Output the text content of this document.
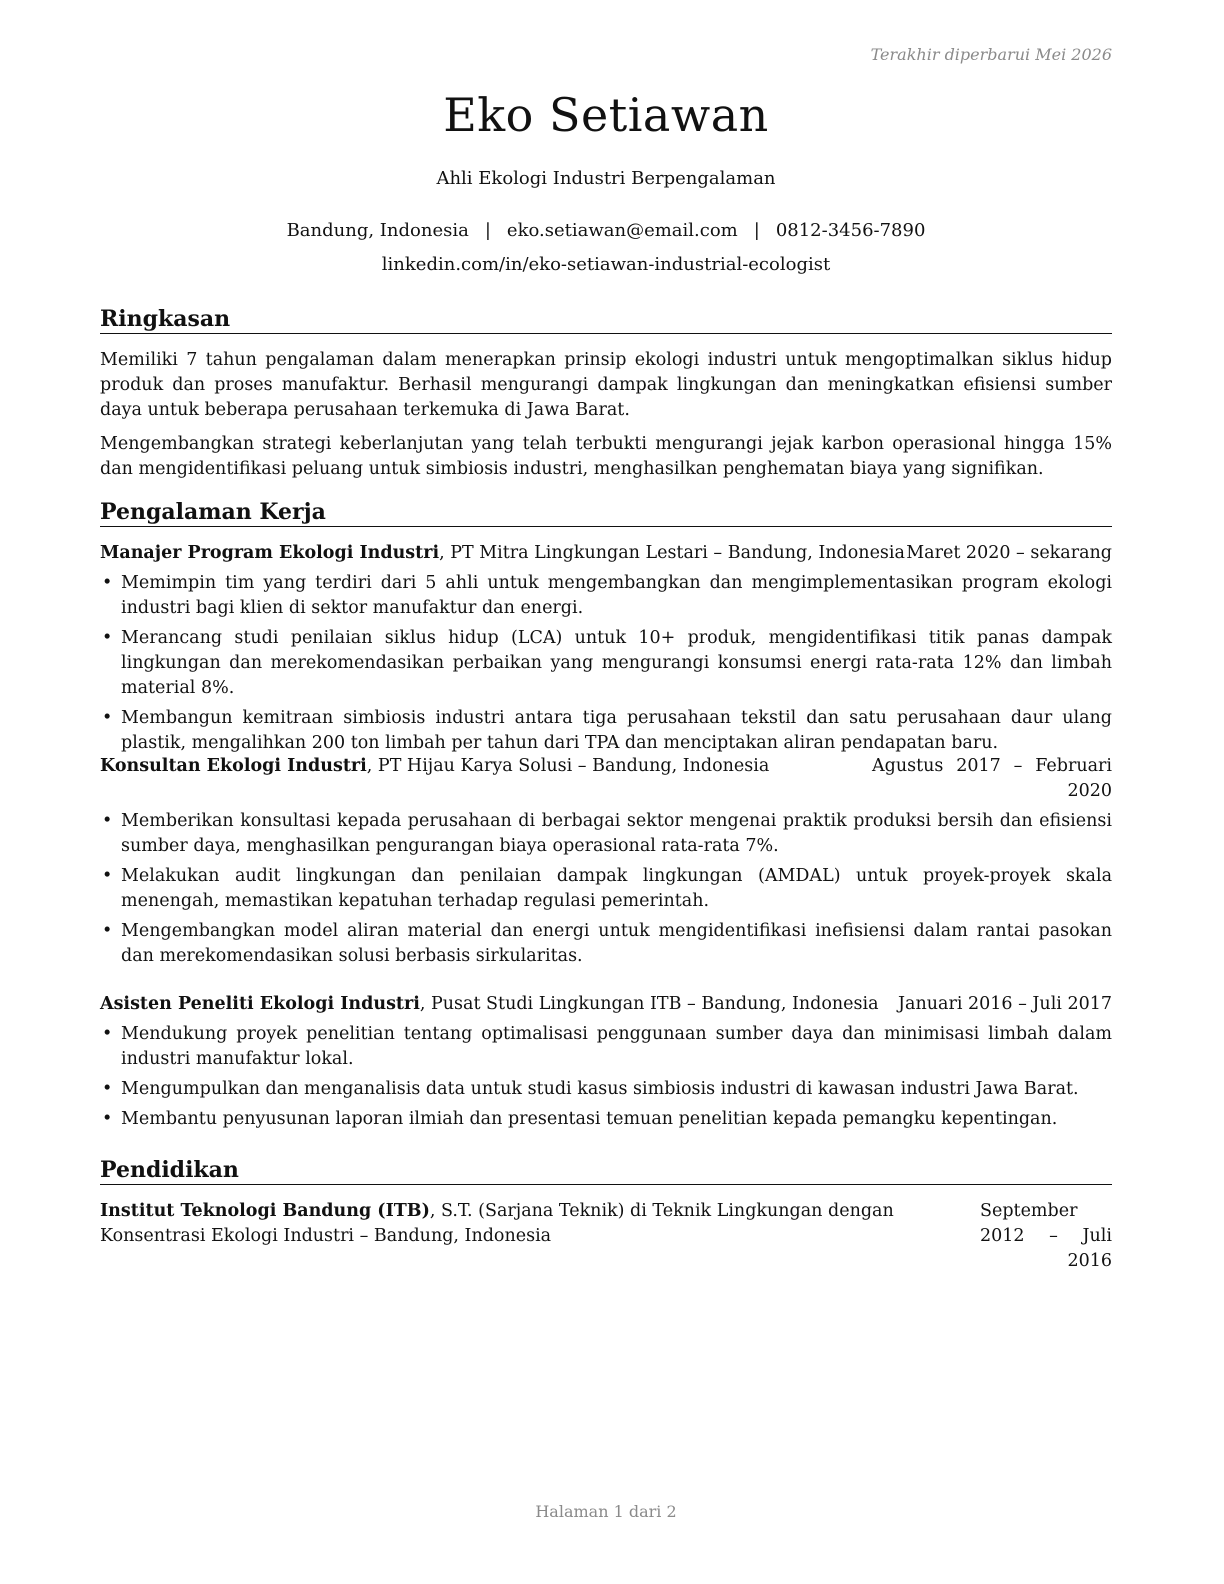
Terakhir diperbarui Mei 2026
Eko Setiawan
Ahli Ekologi Industri Berpengalaman
Bandung, Indonesia | eko.setiawan@email.com | 0812-3456-7890
linkedin.com/in/eko-setiawan-industrial-ecologist
Ringkasan

Memiliki 7 tahun pengalaman dalam menerapkan prinsip ekologi industri untuk mengoptimalkan siklus hidup produk dan proses manufaktur. Berhasil mengurangi dampak lingkungan dan meningkatkan efisiensi sumber daya untuk beberapa perusahaan terkemuka di Jawa Barat.

Mengembangkan strategi keberlanjutan yang telah terbukti mengurangi jejak karbon operasional hingga 15% dan mengidentifikasi peluang untuk simbiosis industri, menghasilkan penghematan biaya yang signifikan.

Pengalaman Kerja
Manajer Program Ekologi Industri, PT Mitra Lingkungan Lestari – Bandung, Indonesia Maret 2020 – sekarang
• Memimpin tim yang terdiri dari 5 ahli untuk mengembangkan dan mengimplementasikan program ekologi industri bagi klien di sektor manufaktur dan energi.
• Merancang studi penilaian siklus hidup (LCA) untuk 10+ produk, mengidentifikasi titik panas dampak lingkungan dan merekomendasikan perbaikan yang mengurangi konsumsi energi rata-rata 12% dan limbah material 8%.
• Membangun kemitraan simbiosis industri antara tiga perusahaan tekstil dan satu perusahaan daur ulang plastik, mengalihkan 200 ton limbah per tahun dari TPA dan menciptakan aliran pendapatan baru.
Konsultan Ekologi Industri, PT Hijau Karya Solusi – Bandung, Indonesia	Agustus 2017 – Februari 2020
• Memberikan konsultasi kepada perusahaan di berbagai sektor mengenai praktik produksi bersih dan efisiensi sumber daya, menghasilkan pengurangan biaya operasional rata-rata 7%.
• Melakukan audit lingkungan dan penilaian dampak lingkungan (AMDAL) untuk proyek-proyek skala menengah, memastikan kepatuhan terhadap regulasi pemerintah.
• Mengembangkan model aliran material dan energi untuk mengidentifikasi inefisiensi dalam rantai pasokan dan merekomendasikan solusi berbasis sirkularitas.
Asisten Peneliti Ekologi Industri, Pusat Studi Lingkungan ITB – Bandung, Indonesia Januari 2016 – Juli 2017
• Mendukung proyek penelitian tentang optimalisasi penggunaan sumber daya dan minimisasi limbah dalam industri manufaktur lokal.
• Mengumpulkan dan menganalisis data untuk studi kasus simbiosis industri di kawasan industri Jawa Barat.
• Membantu penyusunan laporan ilmiah dan presentasi temuan penelitian kepada pemangku kepentingan.
Pendidikan
Institut Teknologi Bandung (ITB), S.T. (Sarjana Teknik) di Teknik Lingkungan dengan Konsentrasi Ekologi Industri – Bandung, Indonesia
September 2012 – Juli 2016
Halaman 1 dari 2
